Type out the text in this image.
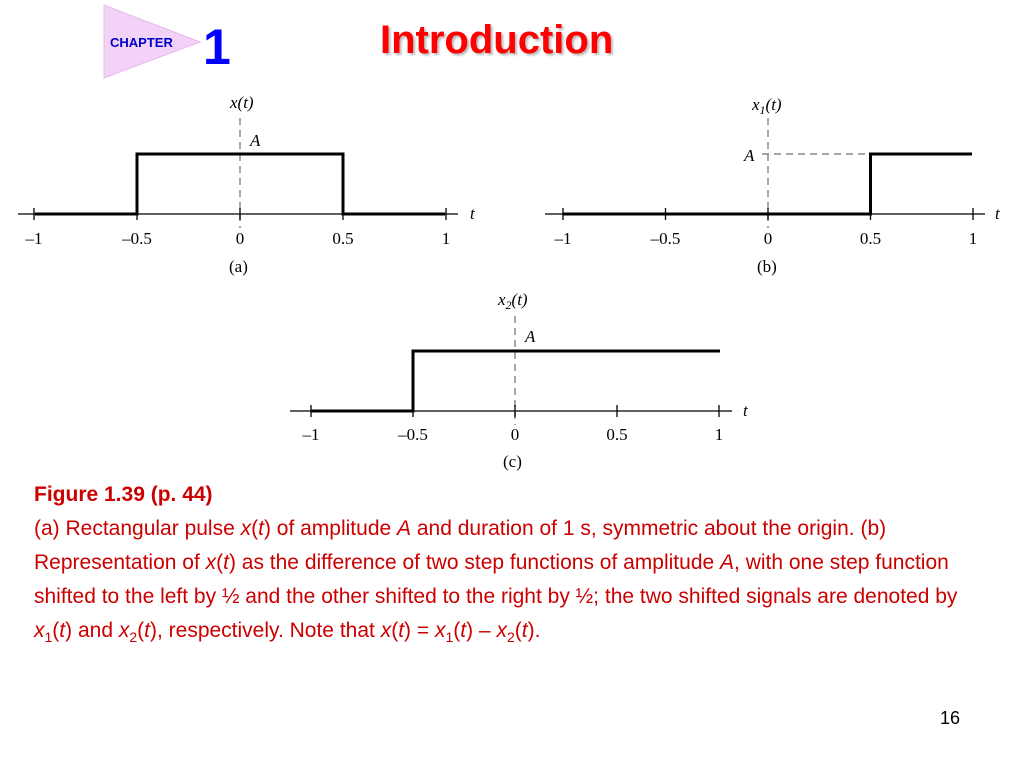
CHAPTER 1	Introduction
–1	–0.5	0	0.5	1
A
x(t)
t
(a)
–1	–0.5	0	0.5	1
A
$x_1(t)$
t
(b)
–1	–0.5	0	0.5	1
A
$x_2(t)$
t
(c)
Figure 1.39 (p. 44)
(a) Rectangular pulse x(t) of amplitude A and duration of 1 s, symmetric about the origin. (b) Representation of x(t) as the difference of two step functions of amplitude A, with one step function shifted to the left by ½ and the other shifted to the right by ½; the two shifted signals are denoted by $x_1(t)$ and $x_2(t)$, respectively. Note that $x(t) = x_1(t) - x_2(t)$.
16
